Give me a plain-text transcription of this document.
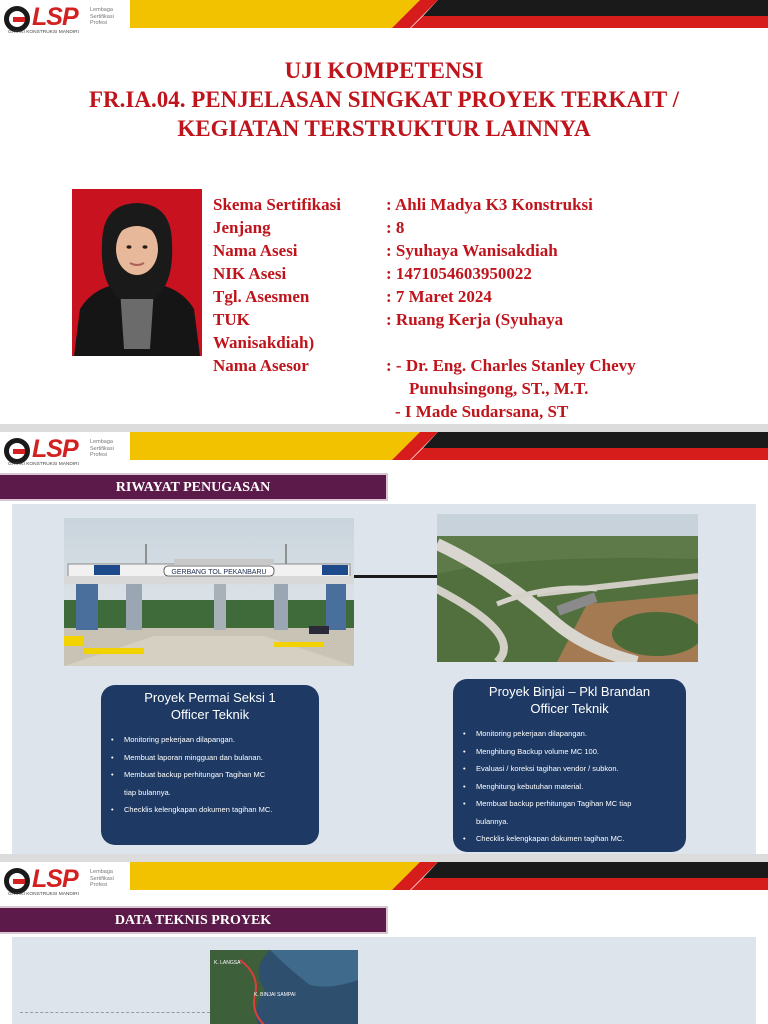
LSP Lembaga Sertifikasi Profesi
GATAKI KONSTRUKSI MANDIRI
UJI KOMPETENSI
FR.IA.04. PENJELASAN SINGKAT PROYEK TERKAIT /
KEGIATAN TERSTRUKTUR LAINNYA
Skema Sertifikasi	: Ahli Madya K3 Konstruksi
Jenjang	: 8
Nama Asesi	: Syuhaya Wanisakdiah
NIK Asesi	: 1471054603950022
Tgl. Asesmen	: 7 Maret 2024
TUK	: Ruang Kerja (Syuhaya
Wanisakdiah)
Nama Asesor	: - Dr. Eng. Charles Stanley Chevy
Punuhsingong, ST., M.T.
- I Made Sudarsana, ST
LSP Lembaga Sertifikasi Profesi
GATAKI KONSTRUKSI MANDIRI
RIWAYAT PENUGASAN
GERBANG TOL PEKANBARU
Proyek Permai Seksi 1
Officer Teknik
• Monitoring pekerjaan dilapangan.
• Membuat laporan mingguan dan bulanan.
• Membuat backup perhitungan Tagihan MC
tiap bulannya.
• Checklis kelengkapan dokumen tagihan MC.
Proyek Binjai – Pkl Brandan
Officer Teknik
• Monitoring pekerjaan dilapangan.
• Menghitung Backup volume MC 100.
• Evaluasi / koreksi tagihan vendor / subkon.
• Menghitung kebutuhan material.
• Membuat backup perhitungan Tagihan MC tiap
bulannya.
• Checklis kelengkapan dokumen tagihan MC.
LSP Lembaga Sertifikasi Profesi
GATAKI KONSTRUKSI MANDIRI
DATA TEKNIS PROYEK
K. LANGSA
K. BINJAI SAMPAI
